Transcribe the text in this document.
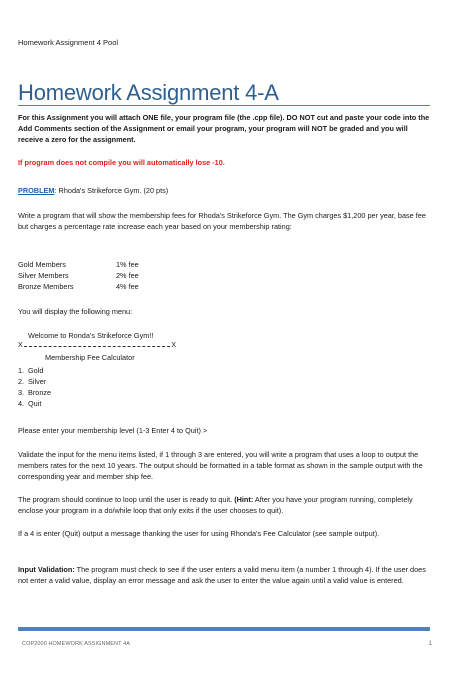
Homework Assignment 4 Pool
Homework Assignment 4-A
For this Assignment you will attach ONE file, your program file (the .cpp file). DO NOT cut and paste your code into the Add Comments section of the Assignment or email your program, your program will NOT be graded and you will receive a zero for the assignment.
If program does not compile you will automatically lose -10.
PROBLEM: Rhoda's Strikeforce Gym. (20 pts)
Write a program that will show the membership fees for Rhoda's Strikeforce Gym. The Gym charges $1,200 per year, base fee but charges a percentage rate increase each year based on your membership rating:
Gold Members	1% fee
Silver Members	2% fee
Bronze Members	4% fee
You will display the following menu:
Welcome to Ronda's Strikeforce Gym!!
X	X
Membership Fee Calculator
1. Gold
2. Silver
3. Bronze
4. Quit
Please enter your membership level (1-3 Enter 4 to Quit) >
Validate the input for the menu items listed, if 1 through 3 are entered, you will write a program that uses a loop to output the members rates for the next 10 years. The output should be formatted in a table format as shown in the sample output with the corresponding year and member ship fee.
The program should continue to loop until the user is ready to quit. (Hint: After you have your program running, completely enclose your program in a do/while loop that only exits if the user chooses to quit).
If a 4 is enter (Quit) output a message thanking the user for using Rhonda's Fee Calculator (see sample output).
Input Validation: The program must check to see if the user enters a valid menu item (a number 1 through 4). If the user does not enter a valid value, display an error message and ask the user to enter the value again until a valid value is entered.
COP2000 HOMEWORK ASSIGNMENT 4A	1
